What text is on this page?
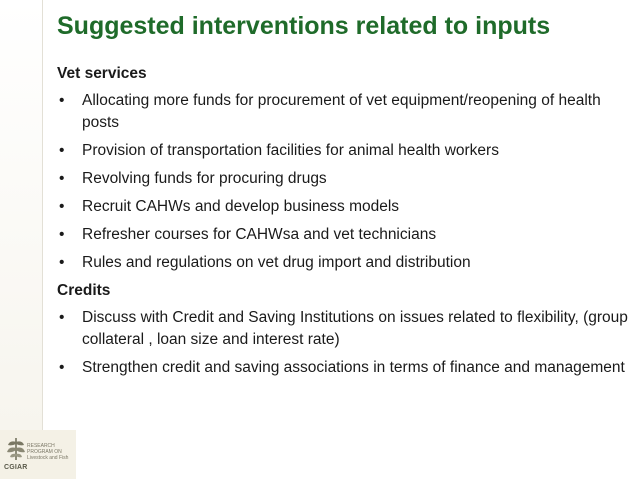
RESEARCH
PROGRAM ON
Livestock and Fish
CGIAR
Suggested interventions related to inputs
Vet services
• Allocating more funds for procurement of vet equipment/reopening of health posts
• Provision of transportation facilities for animal health workers
• Revolving funds for procuring drugs
• Recruit CAHWs and develop business models
• Refresher courses for CAHWsa and vet technicians
• Rules and regulations on vet drug import and distribution
Credits
• Discuss with Credit and Saving Institutions on issues related to flexibility, (group collateral , loan size and interest rate)
• Strengthen credit and saving associations in terms of finance and management
